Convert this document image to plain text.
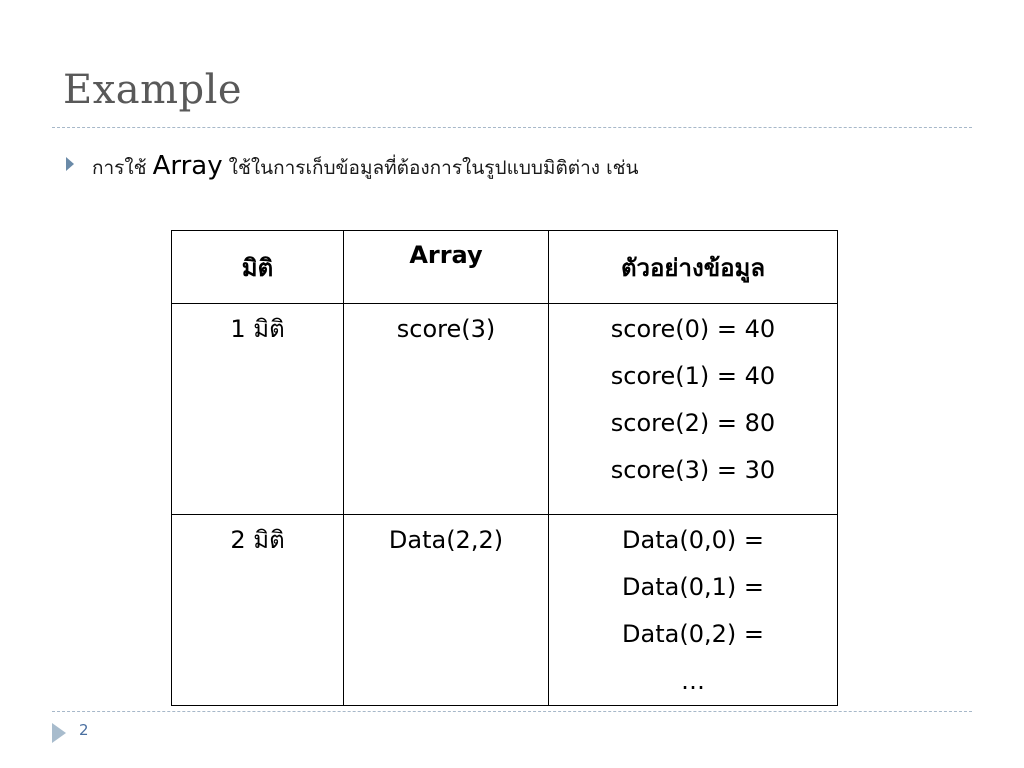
Example
การใช้ Array ใช้ในการเก็บข้อมูลที่ต้องการในรูปแบบมิติต่าง เช่น
มิติ	Array	ตัวอย่างข้อมูล
1 มิติ	score(3)	score(0) = 40
score(1) = 40
score(2) = 80
score(3) = 30

2 มิติ	Data(2,2)	Data(0,0) =
Data(0,1) =
Data(0,2) =
…
2
